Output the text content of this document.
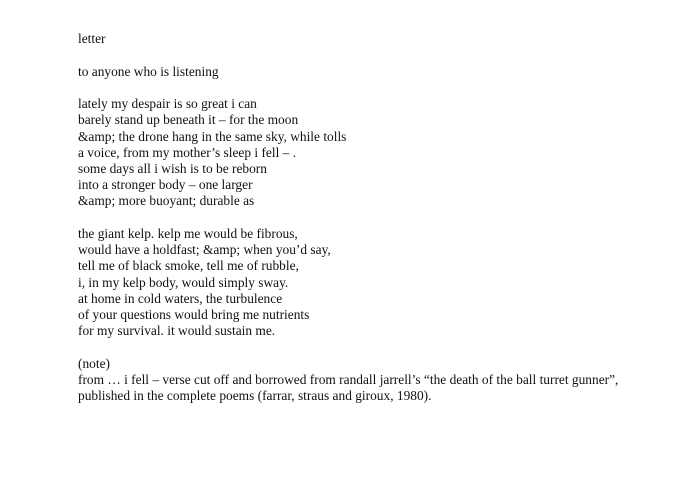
letter
to anyone who is listening
lately my despair is so great i can
barely stand up beneath it – for the moon
&amp; the drone hang in the same sky, while tolls
a voice, from my mother’s sleep i fell – .
some days all i wish is to be reborn
into a stronger body – one larger
&amp; more buoyant; durable as
the giant kelp. kelp me would be fibrous,
would have a holdfast; &amp; when you’d say,
tell me of black smoke, tell me of rubble,
i, in my kelp body, would simply sway.
at home in cold waters, the turbulence
of your questions would bring me nutrients
for my survival. it would sustain me.
(note)
from … i fell – verse cut off and borrowed from randall jarrell’s “the death of the ball turret gunner”, published in the complete poems (farrar, straus and giroux, 1980).
